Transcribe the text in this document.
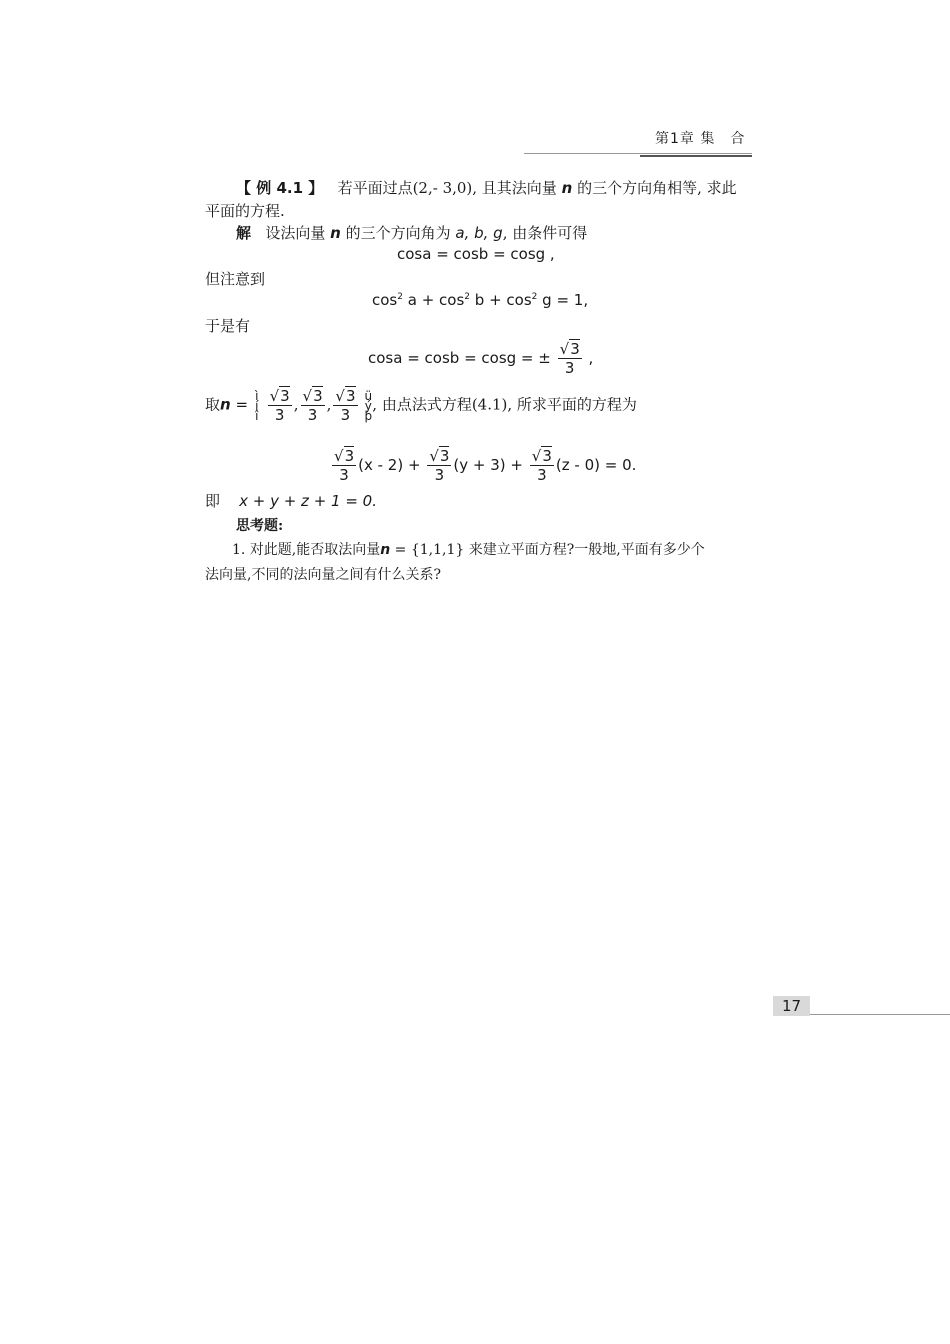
第1章 集　合
【 例 4.1 】 若平面过点(2,- 3,0), 且其法向量 n 的三个方向角相等, 求此
平面的方程.
解 设法向量 n 的三个方向角为 a, b, g, 由条件可得
cosa = cosb = cosg ,
但注意到
$\cos^2 a + \cos^2 b + \cos^2 g = 1$,
于是有
cosa = cosb = cosg = ± $\frac{√3}{3}$ ,
取n = ì
í
î $\frac{√3}{3}$ , $\frac{√3}{3}$ , $\frac{√3}{3}$ ü
ý
þ, 由点法式方程(4.1), 所求平面的方程为
$\frac{√3}{3} (x - 2) + \frac{√3}{3} (y + 3) + \frac{√3}{3} (z - 0) = 0$.
即 x + y + z + 1 = 0.
思考题:
1. 对此题,能否取法向量n = {1,1,1} 来建立平面方程?一般地,平面有多少个
法向量,不同的法向量之间有什么关系?
17
